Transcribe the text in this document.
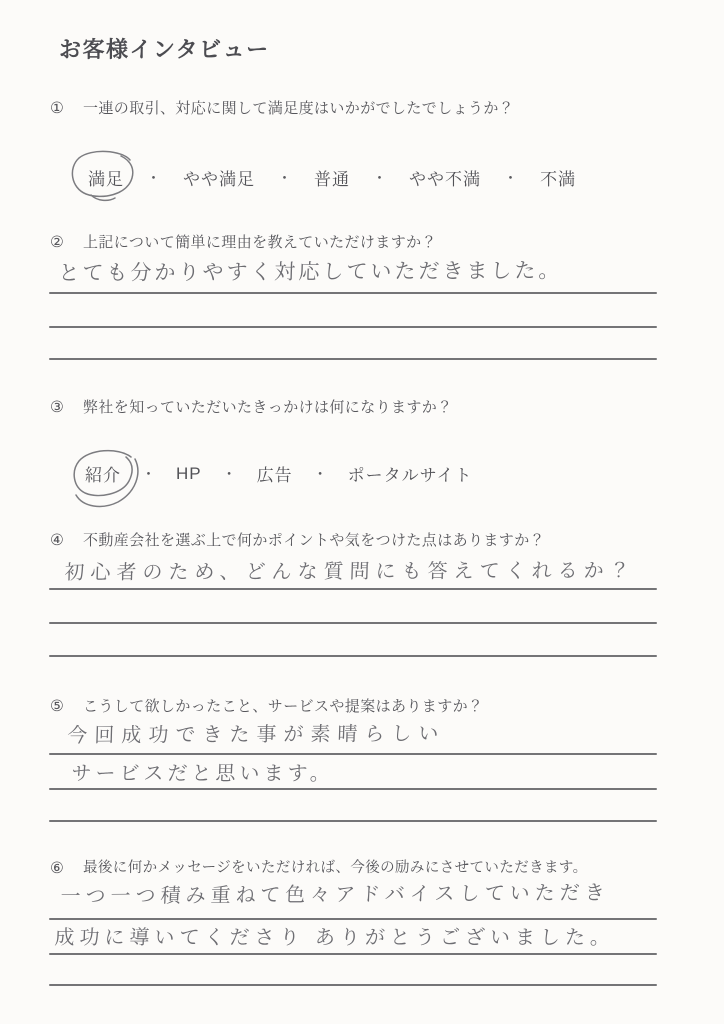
お客様インタビュー
① 一連の取引、対応に関して満足度はいかがでしたでしょうか？
満足 ・ やや満足 ・ 普通 ・ やや不満 ・ 不満
② 上記について簡単に理由を教えていただけますか？
とても分かりやすく対応していただきました。
③ 弊社を知っていただいたきっかけは何になりますか？
紹介 ・ HP ・ 広告 ・ ポータルサイト
④ 不動産会社を選ぶ上で何かポイントや気をつけた点はありますか？
初心者のため、どんな質問にも答えてくれるか？
⑤ こうして欲しかったこと、サービスや提案はありますか？
今回成功できた事が素晴らしい
サービスだと思います。
⑥ 最後に何かメッセージをいただければ、今後の励みにさせていただきます。
一つ一つ積み重ねて色々アドバイスしていただき
成功に導いてくださり ありがとうございました。
